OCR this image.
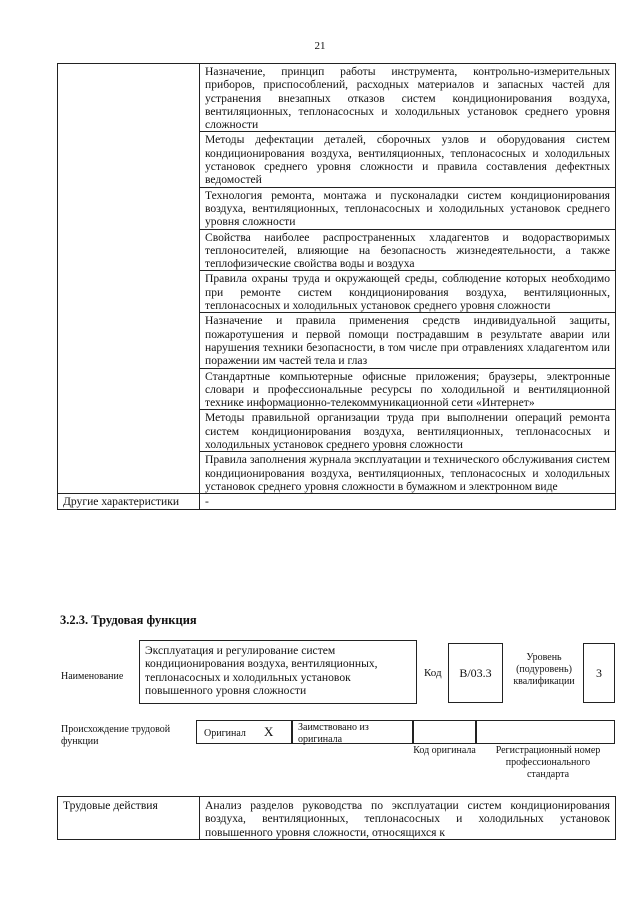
21
	Назначение, принцип работы инструмента, контрольно-измерительных приборов, приспособлений, расходных материалов и запасных частей для устранения внезапных отказов систем кондиционирования воздуха, вентиляционных, теплонасосных и холодильных установок среднего уровня сложности
	Методы дефектации деталей, сборочных узлов и оборудования систем кондиционирования воздуха, вентиляционных, теплонасосных и холодильных установок среднего уровня сложности и правила составления дефектных ведомостей
	Технология ремонта, монтажа и пусконаладки систем кондиционирования воздуха, вентиляционных, теплонасосных и холодильных установок среднего уровня сложности
	Свойства наиболее распространенных хладагентов и водорастворимых теплоносителей, влияющие на безопасность жизнедеятельности, а также теплофизические свойства воды и воздуха
	Правила охраны труда и окружающей среды, соблюдение которых необходимо при ремонте систем кондиционирования воздуха, вентиляционных, теплонасосных и холодильных установок среднего уровня сложности
	Назначение и правила применения средств индивидуальной защиты, пожаротушения и первой помощи пострадавшим в результате аварии или нарушения техники безопасности, в том числе при отравлениях хладагентом или поражении им частей тела и глаз
	Стандартные компьютерные офисные приложения; браузеры, электронные словари и профессиональные ресурсы по холодильной и вентиляционной технике информационно-телекоммуникационной сети «Интернет»
	Методы правильной организации труда при выполнении операций ремонта систем кондиционирования воздуха, вентиляционных, теплонасосных и холодильных установок среднего уровня сложности
	Правила заполнения журнала эксплуатации и технического обслуживания систем кондиционирования воздуха, вентиляционных, теплонасосных и холодильных установок среднего уровня сложности в бумажном и электронном виде
Другие характеристики	-
3.2.3. Трудовая функция
Наименование
Эксплуатация и регулирование систем кондиционирования воздуха, вентиляционных, теплонасосных и холодильных установок повышенного уровня сложности
Код	B/03.3
Уровень (подуровень) квалификации
3
Происхождение трудовой функции
Оригинал X	Заимствовано из оригинала
Код оригинала	Регистрационный номер профессионального стандарта
Трудовые действия	Анализ разделов руководства по эксплуатации систем кондиционирования воздуха, вентиляционных, теплонасосных и холодильных установок повышенного уровня сложности, относящихся к
